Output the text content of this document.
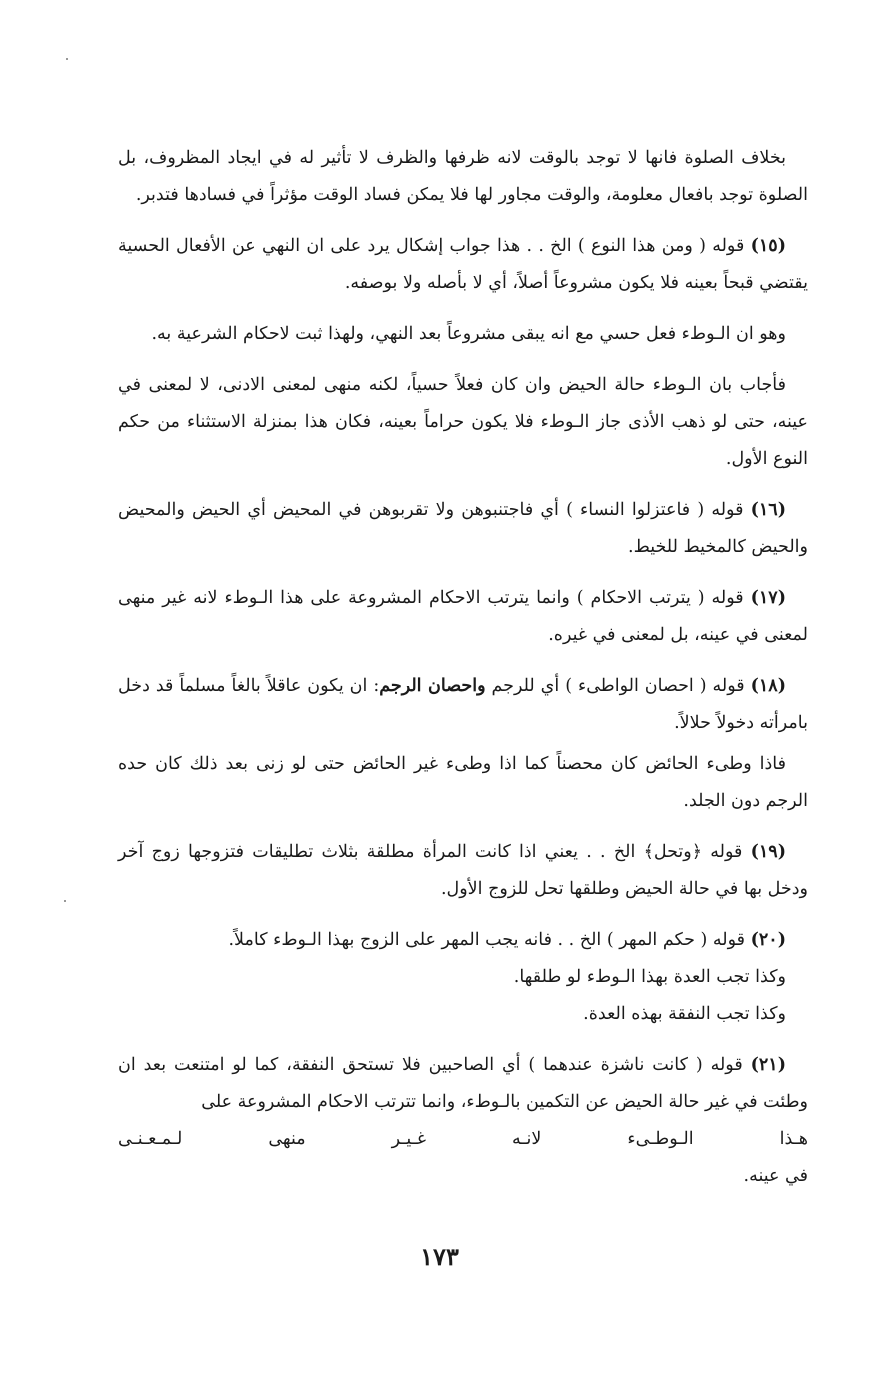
بخلاف الصلوة فانها لا توجد بالوقت لانه ظرفها والظرف لا تأثير له في ايجاد المظروف، بل الصلوة توجد بافعال معلومة، والوقت مجاور لها فلا يمكن فساد الوقت مؤثراً في فسادها فتدبر.

(١٥) قوله ( ومن هذا النوع ) الخ . . هذا جواب إشكال يرد على ان النهي عن الأفعال الحسية يقتضي قبحاً بعينه فلا يكون مشروعاً أصلاً، أي لا بأصله ولا بوصفه.

وهو ان الـوطء فعل حسي مع انه يبقى مشروعاً بعد النهي، ولهذا ثبت لاحكام الشرعية به.

فأجاب بان الـوطء حالة الحيض وان كان فعلاً حسياً، لكنه منهى لمعنى الادنى، لا لمعنى في عينه، حتى لو ذهب الأذى جاز الـوطء فلا يكون حراماً بعينه، فكان هذا بمنزلة الاستثناء من حكم النوع الأول.

(١٦) قوله ( فاعتزلوا النساء ) أي فاجتنبوهن ولا تقربوهن في المحيض أي الحيض والمحيض والحيض كالمخيط للخيط.

(١٧) قوله ( يترتب الاحكام ) وانما يترتب الاحكام المشروعة على هذا الـوطء لانه غير منهى لمعنى في عينه، بل لمعنى في غيره.

(١٨) قوله ( احصان الواطىء ) أي للرجم واحصان الرجم: ان يكون عاقلاً بالغاً مسلماً قد دخل بامرأته دخولاً حلالاً.

فاذا وطىء الحائض كان محصناً كما اذا وطىء غير الحائض حتى لو زنى بعد ذلك كان حده الرجم دون الجلد.

(١٩) قوله ﴿وتحل﴾ الخ . . يعني اذا كانت المرأة مطلقة بثلاث تطليقات فتزوجها زوج آخر ودخل بها في حالة الحيض وطلقها تحل للزوج الأول.

(٢٠) قوله ( حكم المهر ) الخ . . فانه يجب المهر على الزوج بهذا الـوطء كاملاً.
وكذا تجب العدة بهذا الـوطء لو طلقها.
وكذا تجب النفقة بهذه العدة.

(٢١) قوله ( كانت ناشزة عندهما ) أي الصاحبين فلا تستحق النفقة، كما لو امتنعت بعد ان وطئت في غير حالة الحيض عن التكمين بالـوطء، وانما تترتب الاحكام المشروعة على
هـذا
الـوطـىء
لانـه
غـيـر
منهى
لـمـعـنـى
في عينه.

١٧٣
